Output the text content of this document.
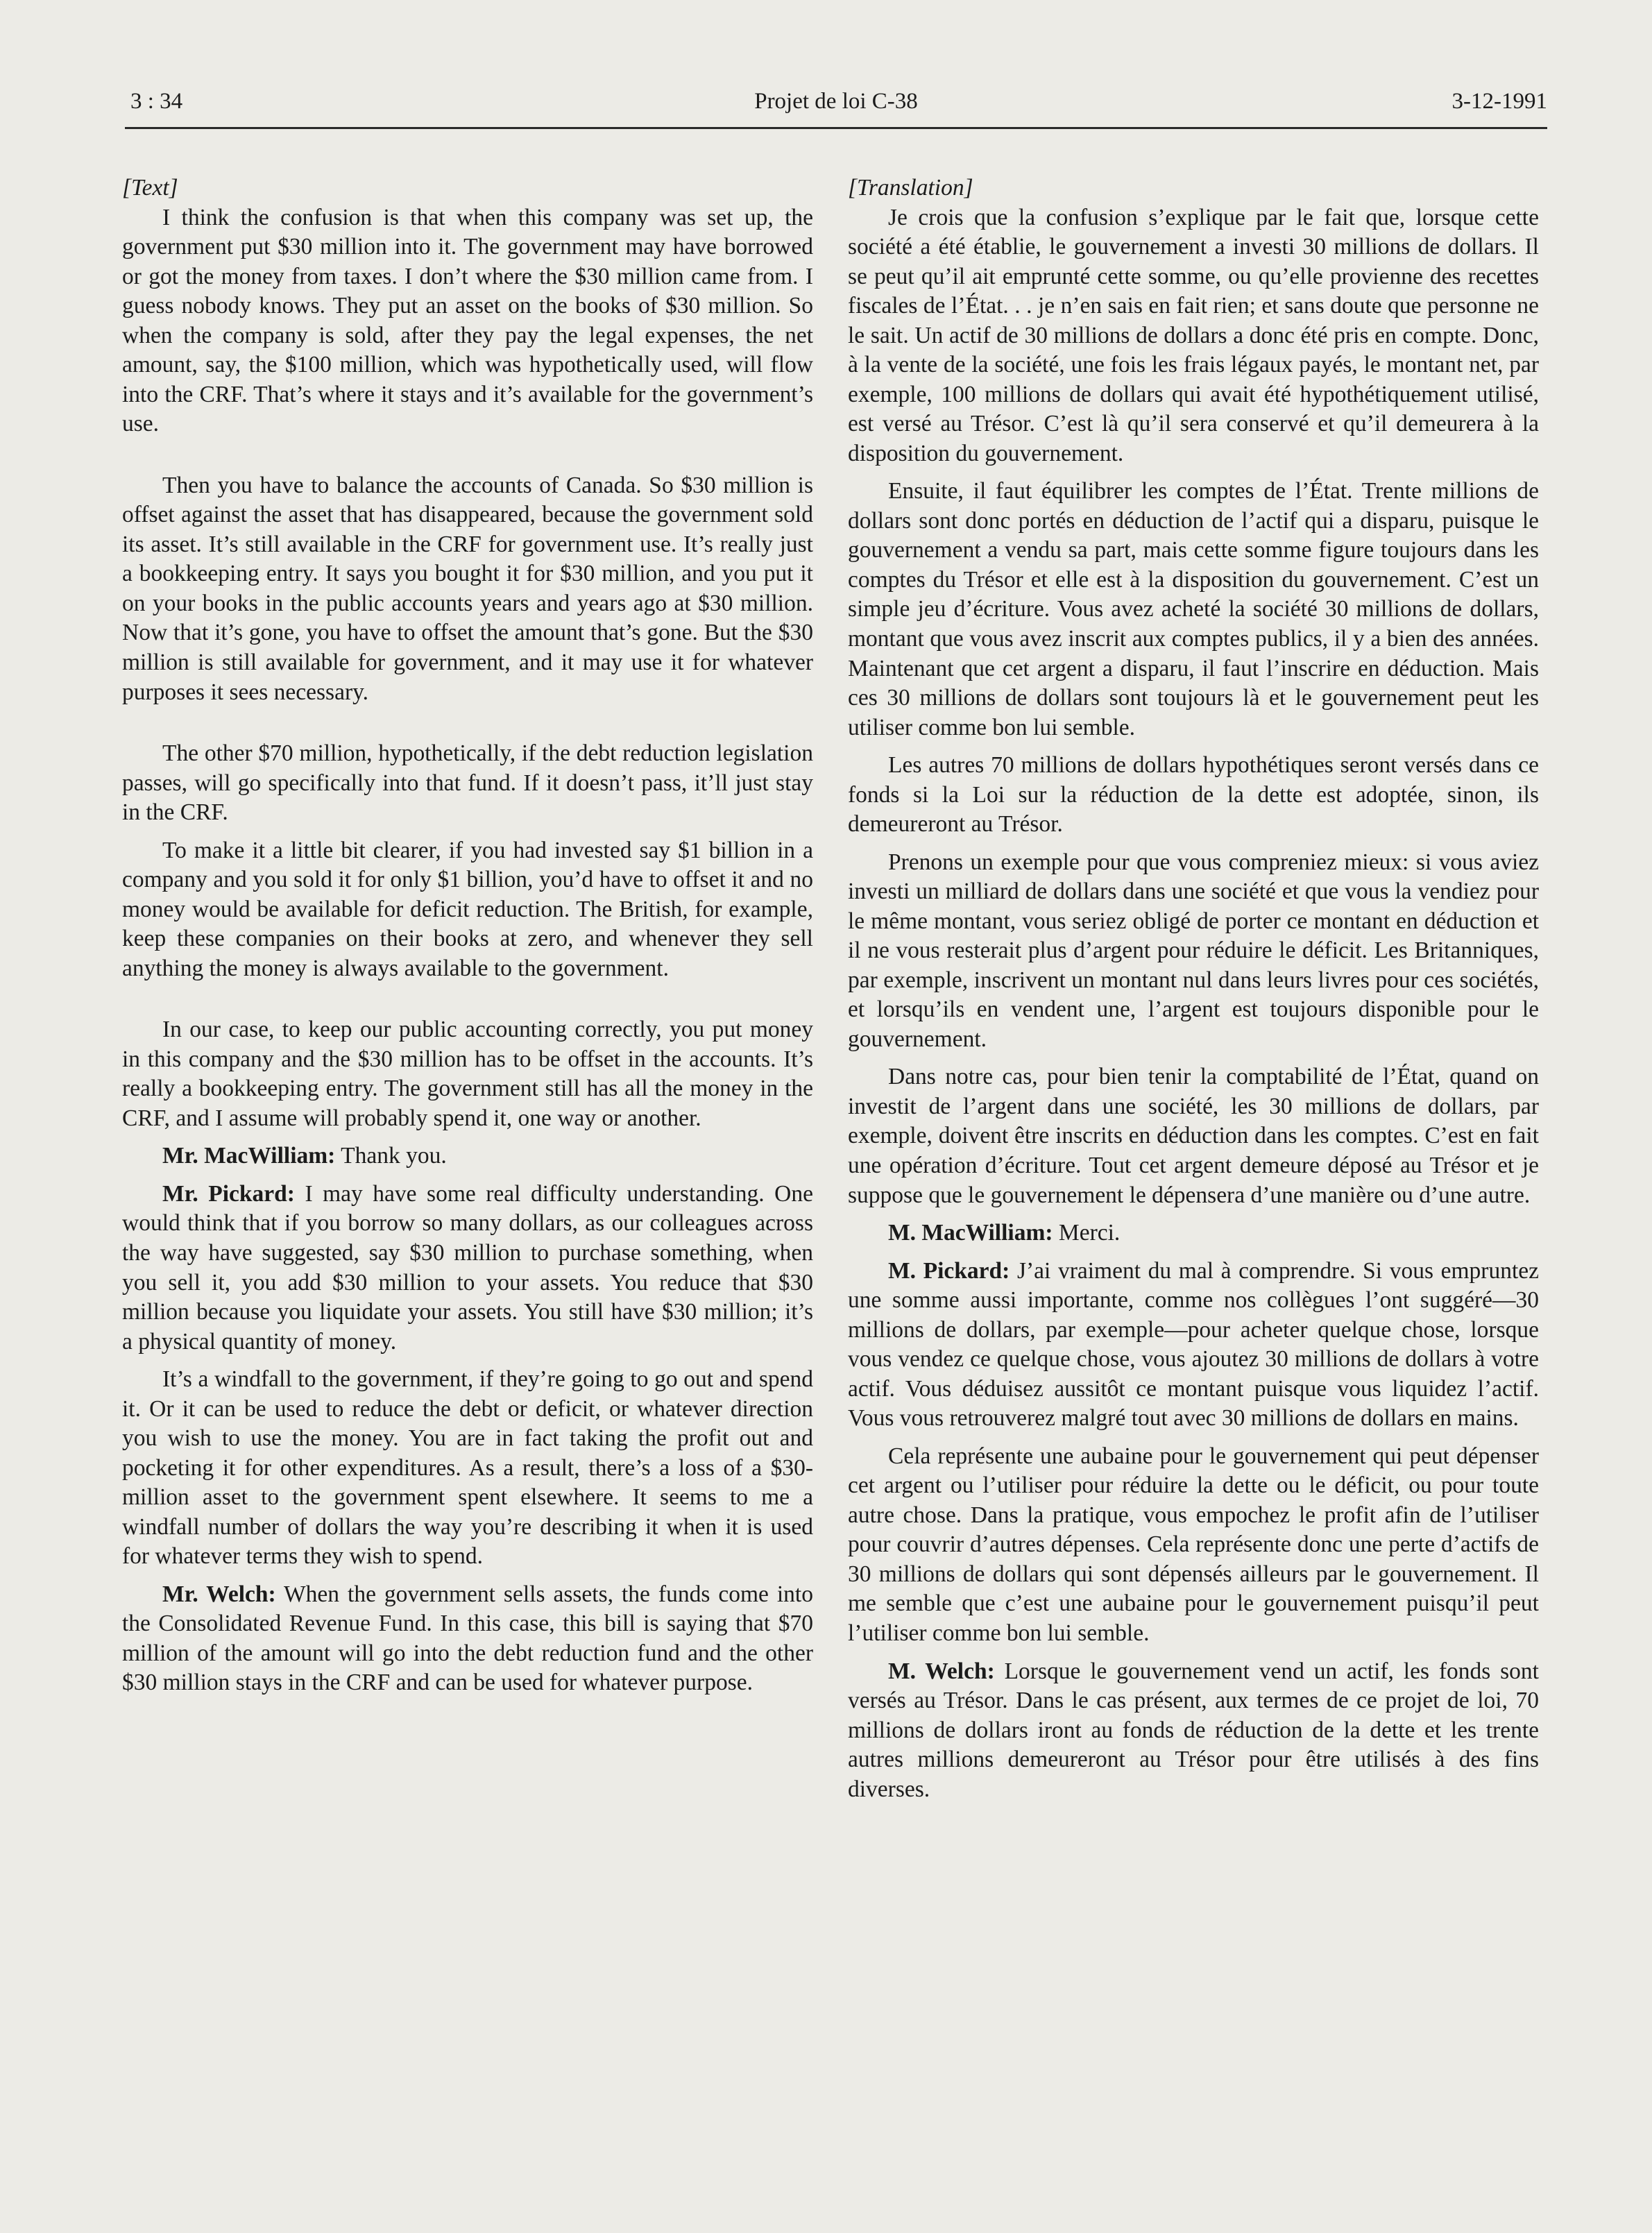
3 : 34	Projet de loi C-38	3-12-1991

[Text]

I think the confusion is that when this company was set up, the government put $30 million into it. The government may have borrowed or got the money from taxes. I don’t where the $30 million came from. I guess nobody knows. They put an asset on the books of $30 million. So when the company is sold, after they pay the legal expenses, the net amount, say, the $100 million, which was hypothetically used, will flow into the CRF. That’s where it stays and it’s available for the government’s use.

Then you have to balance the accounts of Canada. So $30 million is offset against the asset that has disappeared, because the government sold its asset. It’s still available in the CRF for government use. It’s really just a bookkeeping entry. It says you bought it for $30 million, and you put it on your books in the public accounts years and years ago at $30 million. Now that it’s gone, you have to offset the amount that’s gone. But the $30 million is still available for government, and it may use it for whatever purposes it sees necessary.

The other $70 million, hypothetically, if the debt reduction legislation passes, will go specifically into that fund. If it doesn’t pass, it’ll just stay in the CRF.

To make it a little bit clearer, if you had invested say $1 billion in a company and you sold it for only $1 billion, you’d have to offset it and no money would be available for deficit reduction. The British, for example, keep these companies on their books at zero, and whenever they sell anything the money is always available to the government.

In our case, to keep our public accounting correctly, you put money in this company and the $30 million has to be offset in the accounts. It’s really a bookkeeping entry. The government still has all the money in the CRF, and I assume will probably spend it, one way or another.

Mr. MacWilliam: Thank you.

Mr. Pickard: I may have some real difficulty understanding. One would think that if you borrow so many dollars, as our colleagues across the way have suggested, say $30 million to purchase something, when you sell it, you add $30 million to your assets. You reduce that $30 million because you liquidate your assets. You still have $30 million; it’s a physical quantity of money.

It’s a windfall to the government, if they’re going to go out and spend it. Or it can be used to reduce the debt or deficit, or whatever direction you wish to use the money. You are in fact taking the profit out and pocketing it for other expenditures. As a result, there’s a loss of a $30-million asset to the government spent elsewhere. It seems to me a windfall number of dollars the way you’re describing it when it is used for whatever terms they wish to spend.

Mr. Welch: When the government sells assets, the funds come into the Consolidated Revenue Fund. In this case, this bill is saying that $70 million of the amount will go into the debt reduction fund and the other $30 million stays in the CRF and can be used for whatever purpose.

[Translation]

Je crois que la confusion s’explique par le fait que, lorsque cette société a été établie, le gouvernement a investi 30 millions de dollars. Il se peut qu’il ait emprunté cette somme, ou qu’elle provienne des recettes fiscales de l’État. . . je n’en sais en fait rien; et sans doute que personne ne le sait. Un actif de 30 millions de dollars a donc été pris en compte. Donc, à la vente de la société, une fois les frais légaux payés, le montant net, par exemple, 100 millions de dollars qui avait été hypothétiquement utilisé, est versé au Trésor. C’est là qu’il sera conservé et qu’il demeurera à la disposition du gouvernement.

Ensuite, il faut équilibrer les comptes de l’État. Trente millions de dollars sont donc portés en déduction de l’actif qui a disparu, puisque le gouvernement a vendu sa part, mais cette somme figure toujours dans les comptes du Trésor et elle est à la disposition du gouvernement. C’est un simple jeu d’écriture. Vous avez acheté la société 30 millions de dollars, montant que vous avez inscrit aux comptes publics, il y a bien des années. Maintenant que cet argent a disparu, il faut l’inscrire en déduction. Mais ces 30 millions de dollars sont toujours là et le gouvernement peut les utiliser comme bon lui semble.

Les autres 70 millions de dollars hypothétiques seront versés dans ce fonds si la Loi sur la réduction de la dette est adoptée, sinon, ils demeureront au Trésor.

Prenons un exemple pour que vous compreniez mieux: si vous aviez investi un milliard de dollars dans une société et que vous la vendiez pour le même montant, vous seriez obligé de porter ce montant en déduction et il ne vous resterait plus d’argent pour réduire le déficit. Les Britanniques, par exemple, inscrivent un montant nul dans leurs livres pour ces sociétés, et lorsqu’ils en vendent une, l’argent est toujours disponible pour le gouvernement.

Dans notre cas, pour bien tenir la comptabilité de l’État, quand on investit de l’argent dans une société, les 30 millions de dollars, par exemple, doivent être inscrits en déduction dans les comptes. C’est en fait une opération d’écriture. Tout cet argent demeure déposé au Trésor et je suppose que le gouvernement le dépensera d’une manière ou d’une autre.

M. MacWilliam: Merci.

M. Pickard: J’ai vraiment du mal à comprendre. Si vous empruntez une somme aussi importante, comme nos collègues l’ont suggéré—30 millions de dollars, par exemple—pour acheter quelque chose, lorsque vous vendez ce quelque chose, vous ajoutez 30 millions de dollars à votre actif. Vous déduisez aussitôt ce montant puisque vous liquidez l’actif. Vous vous retrouverez malgré tout avec 30 millions de dollars en mains.

Cela représente une aubaine pour le gouvernement qui peut dépenser cet argent ou l’utiliser pour réduire la dette ou le déficit, ou pour toute autre chose. Dans la pratique, vous empochez le profit afin de l’utiliser pour couvrir d’autres dépenses. Cela représente donc une perte d’actifs de 30 millions de dollars qui sont dépensés ailleurs par le gouvernement. Il me semble que c’est une aubaine pour le gouvernement puisqu’il peut l’utiliser comme bon lui semble.

M. Welch: Lorsque le gouvernement vend un actif, les fonds sont versés au Trésor. Dans le cas présent, aux termes de ce projet de loi, 70 millions de dollars iront au fonds de réduction de la dette et les trente autres millions demeureront au Trésor pour être utilisés à des fins diverses.
